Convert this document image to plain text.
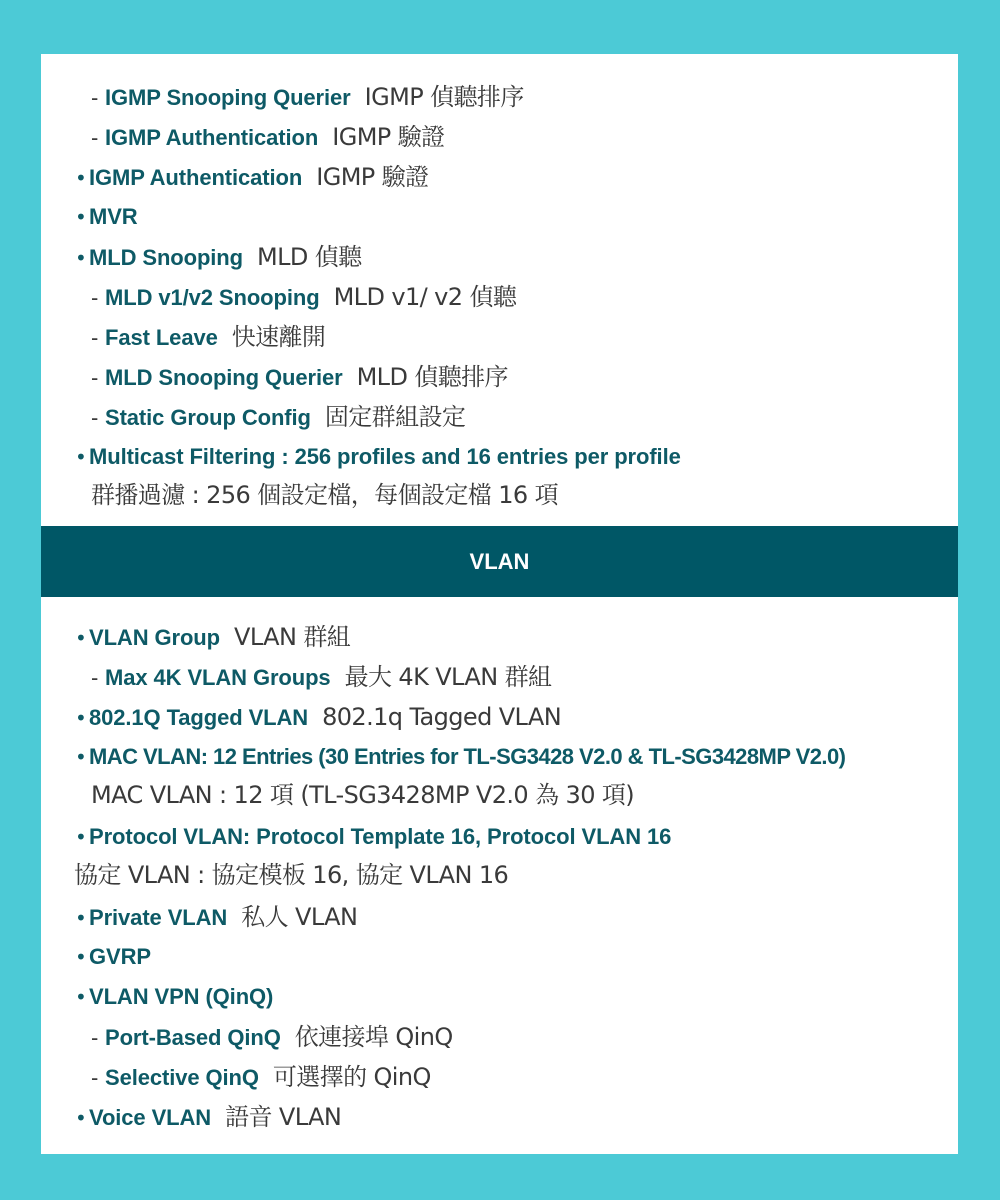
- IGMP Snooping Querier IGMP 偵聽排序
- IGMP Authentication IGMP 驗證
• IGMP Authentication IGMP 驗證
• MVR
• MLD Snooping MLD 偵聽
- MLD v1/v2 Snooping MLD v1/ v2 偵聽
- Fast Leave 快速離開
- MLD Snooping Querier MLD 偵聽排序
- Static Group Config 固定群組設定
• Multicast Filtering : 256 profiles and 16 entries per profile
群播過濾 : 256 個設定檔，每個設定檔 16 項
VLAN
• VLAN Group VLAN 群組
- Max 4K VLAN Groups 最大 4K VLAN 群組
• 802.1Q Tagged VLAN 802.1q Tagged VLAN
• MAC VLAN: 12 Entries (30 Entries for TL-SG3428 V2.0 & TL-SG3428MP V2.0)
MAC VLAN : 12 項 (TL-SG3428MP V2.0 為 30 項)
• Protocol VLAN: Protocol Template 16, Protocol VLAN 16
協定 VLAN : 協定模板 16, 協定 VLAN 16
• Private VLAN 私人 VLAN
• GVRP
• VLAN VPN (QinQ)
- Port-Based QinQ 依連接埠 QinQ
- Selective QinQ 可選擇的 QinQ
• Voice VLAN 語音 VLAN
